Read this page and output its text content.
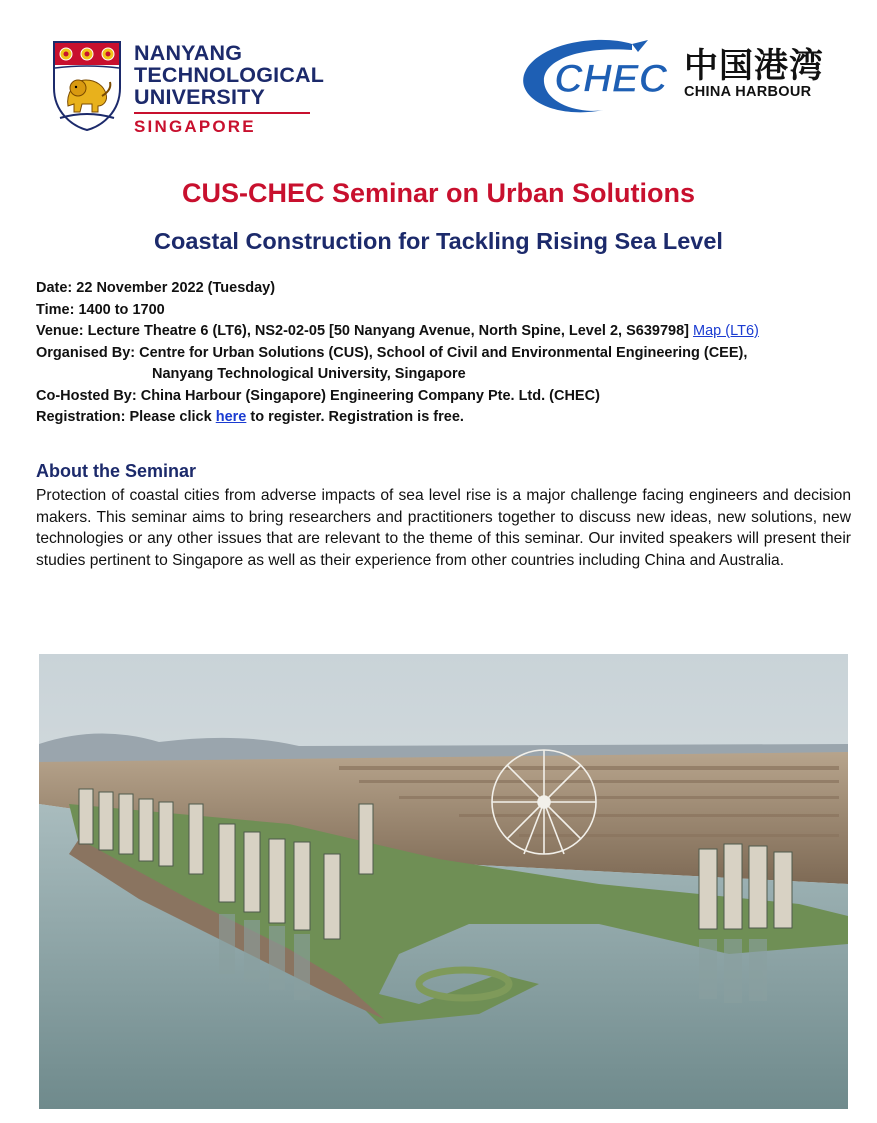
NANYANG
TECHNOLOGICAL
UNIVERSITY
SINGAPORE
CHEC 中国港湾
CHINA HARBOUR
CUS-CHEC Seminar on Urban Solutions
Coastal Construction for Tackling Rising Sea Level
Date: 22 November 2022 (Tuesday)
Time: 1400 to 1700
Venue: Lecture Theatre 6 (LT6), NS2-02-05 [50 Nanyang Avenue, North Spine, Level 2, S639798] Map (LT6)
Organised By: Centre for Urban Solutions (CUS), School of Civil and Environmental Engineering (CEE),
Nanyang Technological University, Singapore
Co-Hosted By: China Harbour (Singapore) Engineering Company Pte. Ltd. (CHEC)
Registration: Please click here to register. Registration is free.
About the Seminar
Protection of coastal cities from adverse impacts of sea level rise is a major challenge facing engineers and decision makers. This seminar aims to bring researchers and practitioners together to discuss new ideas, new solutions, new technologies or any other issues that are relevant to the theme of this seminar. Our invited speakers will present their studies pertinent to Singapore as well as their experience from other countries including China and Australia.
